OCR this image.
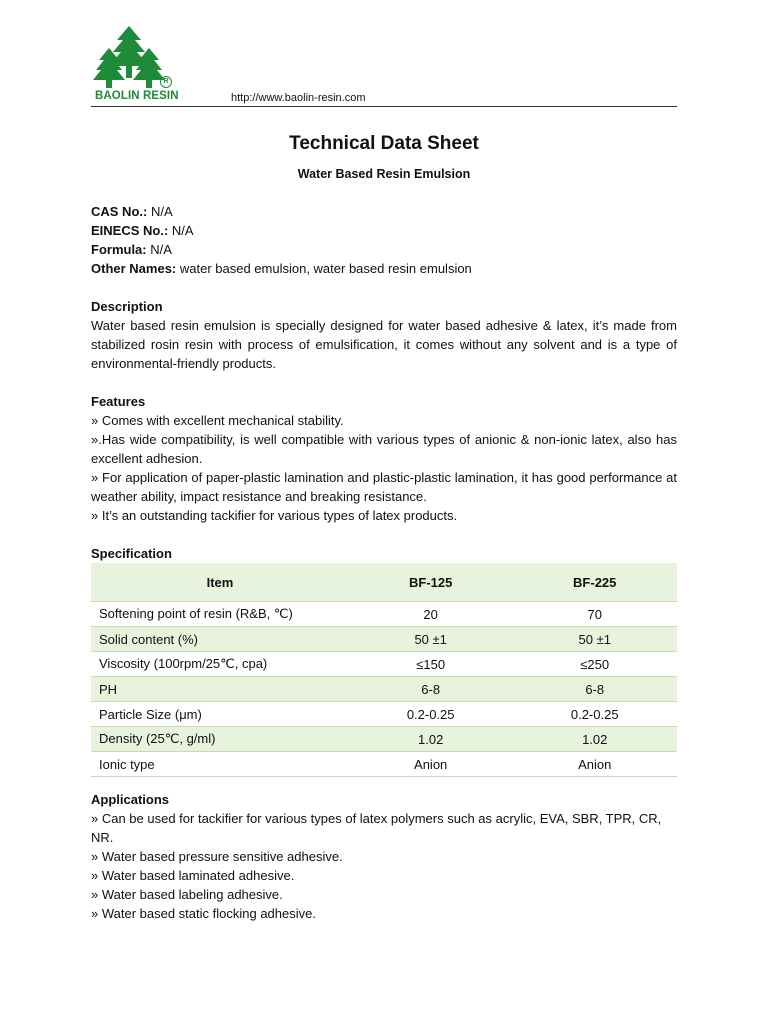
R
BAOLIN RESIN	http://www.baolin-resin.com
Technical Data Sheet
Water Based Resin Emulsion
CAS No.: N/A
EINECS No.: N/A
Formula: N/A
Other Names: water based emulsion, water based resin emulsion
Description
Water based resin emulsion is specially designed for water based adhesive & latex, it’s made from stabilized rosin resin with process of emulsification, it comes without any solvent and is a type of environmental-friendly products.
Features
» Comes with excellent mechanical stability.
».Has wide compatibility, is well compatible with various types of anionic & non-ionic latex, also has excellent adhesion.
» For application of paper-plastic lamination and plastic-plastic lamination, it has good performance at weather ability, impact resistance and breaking resistance.
» It’s an outstanding tackifier for various types of latex products.
Specification
Item	BF-125	BF-225
Softening point of resin (R&B, ℃)	20	70
Solid content (%)	50 ±1	50 ±1
Viscosity (100rpm/25℃, cpa)	≤150	≤250
PH	6-8	6-8
Particle Size (μm)	0.2-0.25	0.2-0.25
Density (25℃, g/ml)	1.02	1.02
Ionic type	Anion	Anion
Applications
» Can be used for tackifier for various types of latex polymers such as acrylic, EVA, SBR, TPR, CR, NR.
» Water based pressure sensitive adhesive.
» Water based laminated adhesive.
» Water based labeling adhesive.
» Water based static flocking adhesive.
